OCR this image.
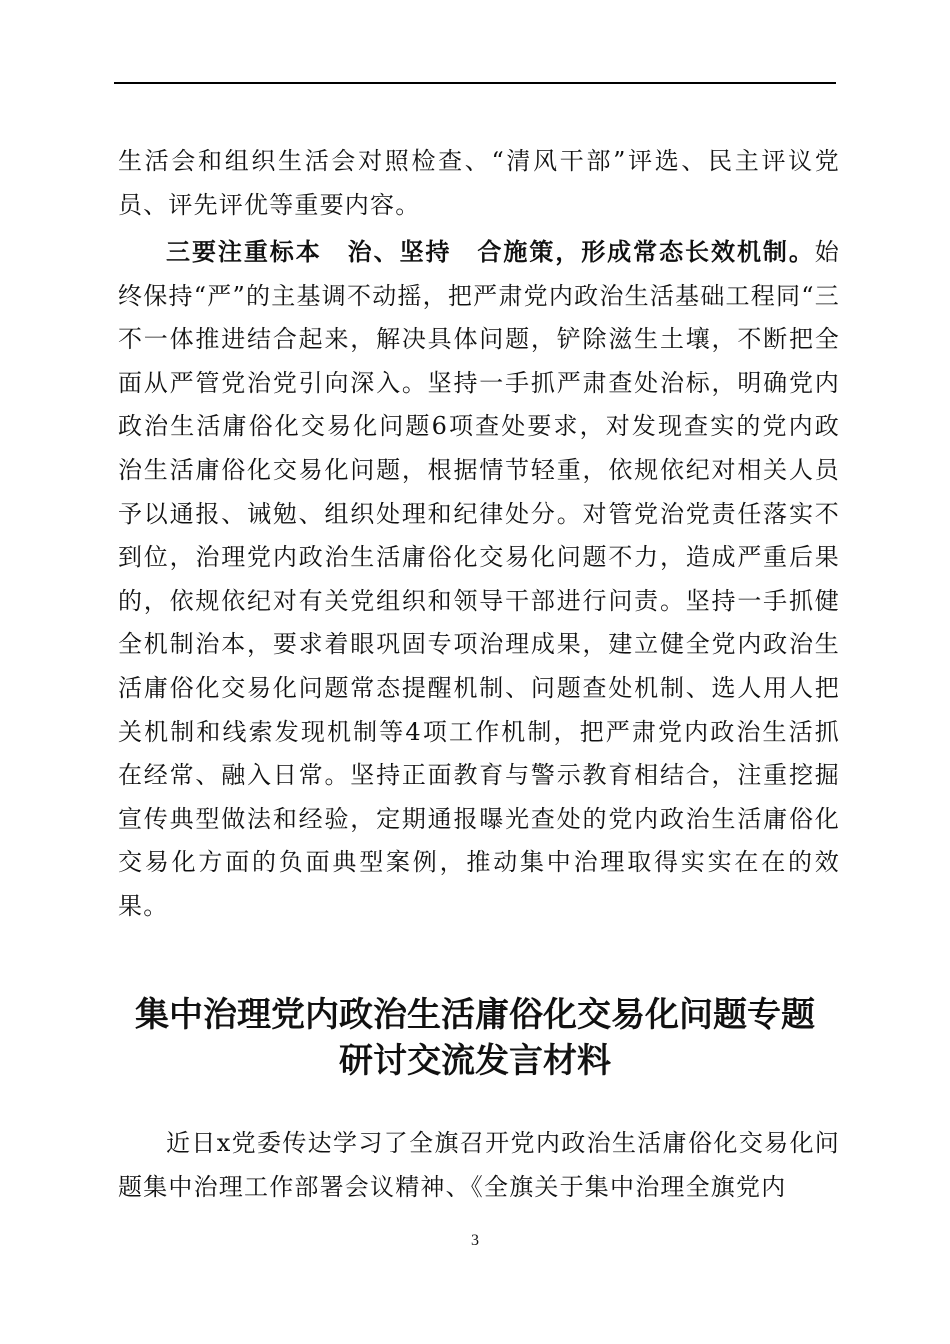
生活会和组织生活会对照检查、“清风干部”评选、民主评议党员、评先评优等重要内容。

三要注重标本　治、坚持　合施策，形成常态长效机制。始终保持“严”的主基调不动摇，把严肃党内政治生活基础工程同“三不一体推进结合起来，解决具体问题，铲除滋生土壤，不断把全面从严管党治党引向深入。坚持一手抓严肃查处治标，明确党内政治生活庸俗化交易化问题6项查处要求，对发现查实的党内政治生活庸俗化交易化问题，根据情节轻重，依规依纪对相关人员予以通报、诫勉、组织处理和纪律处分。对管党治党责任落实不到位，治理党内政治生活庸俗化交易化问题不力，造成严重后果的，依规依纪对有关党组织和领导干部进行问责。坚持一手抓健全机制治本，要求着眼巩固专项治理成果，建立健全党内政治生活庸俗化交易化问题常态提醒机制、问题查处机制、选人用人把关机制和线索发现机制等4项工作机制，把严肃党内政治生活抓在经常、融入日常。坚持正面教育与警示教育相结合，注重挖掘宣传典型做法和经验，定期通报曝光查处的党内政治生活庸俗化交易化方面的负面典型案例，推动集中治理取得实实在在的效果。

集中治理党内政治生活庸俗化交易化问题专题
研讨交流发言材料

近日x党委传达学习了全旗召开党内政治生活庸俗化交易化问题集中治理工作部署会议精神、《全旗关于集中治理全旗党内

3
